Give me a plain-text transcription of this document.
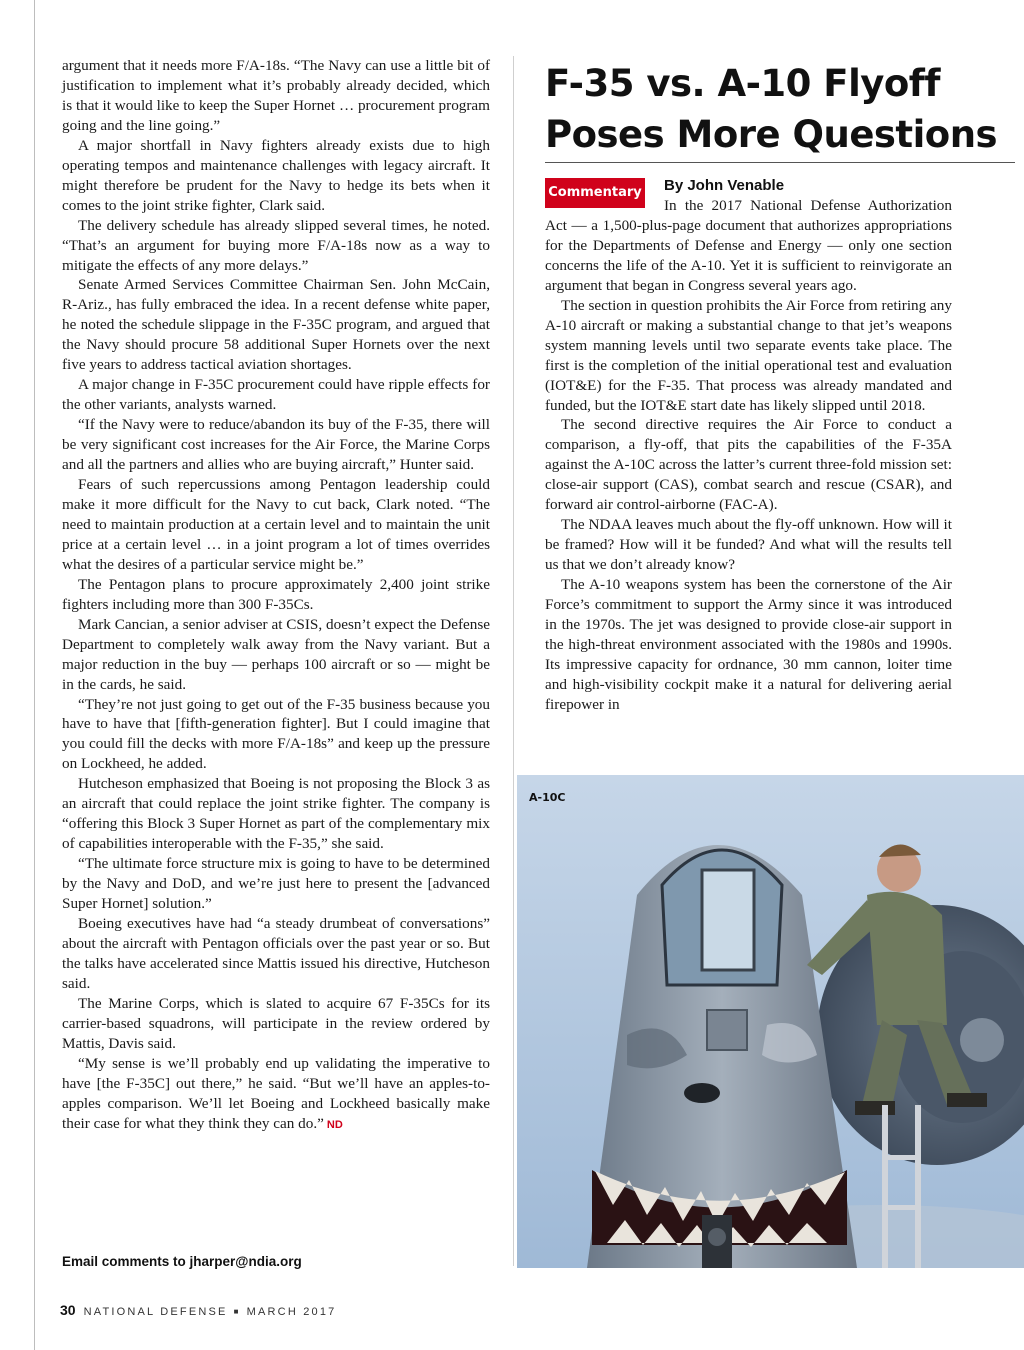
argument that it needs more F/A-18s. “The Navy can use a little bit of justification to implement what it’s probably already decided, which is that it would like to keep the Super Hornet … procurement program going and the line going.”

A major shortfall in Navy fighters already exists due to high operating tempos and maintenance challenges with legacy aircraft. It might therefore be prudent for the Navy to hedge its bets when it comes to the joint strike fighter, Clark said.

The delivery schedule has already slipped several times, he noted. “That’s an argument for buying more F/A-18s now as a way to mitigate the effects of any more delays.”

Senate Armed Services Committee Chairman Sen. John McCain, R-Ariz., has fully embraced the idea. In a recent defense white paper, he noted the schedule slippage in the F-35C program, and argued that the Navy should procure 58 additional Super Hornets over the next five years to address tactical aviation shortages.

A major change in F-35C procurement could have ripple effects for the other variants, analysts warned.

“If the Navy were to reduce/abandon its buy of the F-35, there will be very significant cost increases for the Air Force, the Marine Corps and all the partners and allies who are buying aircraft,” Hunter said.

Fears of such repercussions among Pentagon leadership could make it more difficult for the Navy to cut back, Clark noted. “The need to maintain production at a certain level and to maintain the unit price at a certain level … in a joint program a lot of times overrides what the desires of a particular service might be.”

The Pentagon plans to procure approximately 2,400 joint strike fighters including more than 300 F-35Cs.

Mark Cancian, a senior adviser at CSIS, doesn’t expect the Defense Department to completely walk away from the Navy variant. But a major reduction in the buy — perhaps 100 aircraft or so — might be in the cards, he said.

“They’re not just going to get out of the F-35 business because you have to have that [fifth-generation fighter]. But I could imagine that you could fill the decks with more F/A-18s” and keep up the pressure on Lockheed, he added.

Hutcheson emphasized that Boeing is not proposing the Block 3 as an aircraft that could replace the joint strike fighter. The company is “offering this Block 3 Super Hornet as part of the complementary mix of capabilities interoperable with the F-35,” she said.

“The ultimate force structure mix is going to have to be determined by the Navy and DoD, and we’re just here to present the [advanced Super Hornet] solution.”

Boeing executives have had “a steady drumbeat of conversations” about the aircraft with Pentagon officials over the past year or so. But the talks have accelerated since Mattis issued his directive, Hutcheson said.

The Marine Corps, which is slated to acquire 67 F-35Cs for its carrier-based squadrons, will participate in the review ordered by Mattis, Davis said.

“My sense is we’ll probably end up validating the imperative to have [the F-35C] out there,” he said. “But we’ll have an apples-to-apples comparison. We’ll let Boeing and Lockheed basically make their case for what they think they can do.” ND

Email comments to jharper@ndia.org
F-35 vs. A-10 Flyoff Poses More Questions
Commentary By John Venable

In the 2017 National Defense Authorization Act — a 1,500-plus-page document that authorizes appropriations for the Departments of Defense and Energy — only one section concerns the life of the A-10. Yet it is sufficient to reinvigorate an argument that began in Congress several years ago.

The section in question prohibits the Air Force from retiring any A-10 aircraft or making a substantial change to that jet’s weapons system manning levels until two separate events take place. The first is the completion of the initial operational test and evaluation (IOT&E) for the F-35. That process was already mandated and funded, but the IOT&E start date has likely slipped until 2018.

The second directive requires the Air Force to conduct a comparison, a fly-off, that pits the capabilities of the F-35A against the A-10C across the latter’s current three-fold mission set: close-air support (CAS), combat search and rescue (CSAR), and forward air control-airborne (FAC-A).

The NDAA leaves much about the fly-off unknown. How will it be framed? How will it be funded? And what will the results tell us that we don’t already know?

The A-10 weapons system has been the cornerstone of the Air Force’s commitment to support the Army since it was introduced in the 1970s. The jet was designed to provide close-air support in the high-threat environment associated with the 1980s and 1990s. Its impressive capacity for ordnance, 30 mm cannon, loiter time and high-visibility cockpit make it a natural for delivering aerial firepower in

A-10C
30 NATIONAL DEFENSE ■ MARCH 2017
